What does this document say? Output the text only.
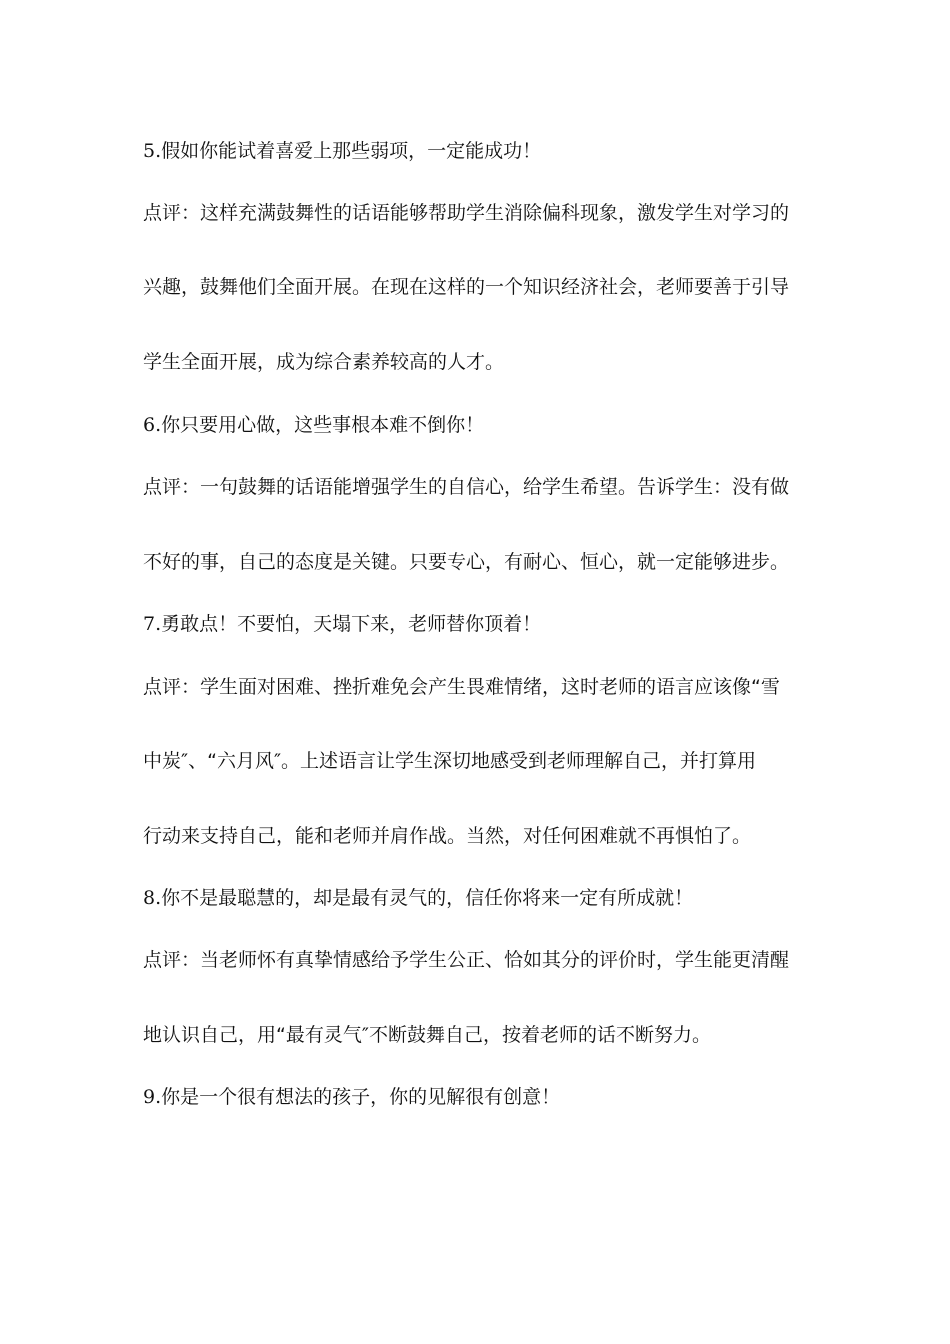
5.假如你能试着喜爱上那些弱项，一定能成功！
点评：这样充满鼓舞性的话语能够帮助学生消除偏科现象，激发学生对学习的
兴趣，鼓舞他们全面开展。在现在这样的一个知识经济社会，老师要善于引导
学生全面开展，成为综合素养较高的人才。
6.你只要用心做，这些事根本难不倒你！
点评：一句鼓舞的话语能增强学生的自信心，给学生希望。告诉学生：没有做
不好的事，自己的态度是关键。只要专心，有耐心、恒心，就一定能够进步。
7.勇敢点！不要怕，天塌下来，老师替你顶着！
点评：学生面对困难、挫折难免会产生畏难情绪，这时老师的语言应该像“雪
中炭″、“六月风″。上述语言让学生深切地感受到老师理解自己，并打算用
行动来支持自己，能和老师并肩作战。当然，对任何困难就不再惧怕了。
8.你不是最聪慧的，却是最有灵气的，信任你将来一定有所成就！
点评：当老师怀有真挚情感给予学生公正、恰如其分的评价时，学生能更清醒
地认识自己，用“最有灵气″不断鼓舞自己，按着老师的话不断努力。
9.你是一个很有想法的孩子，你的见解很有创意！
